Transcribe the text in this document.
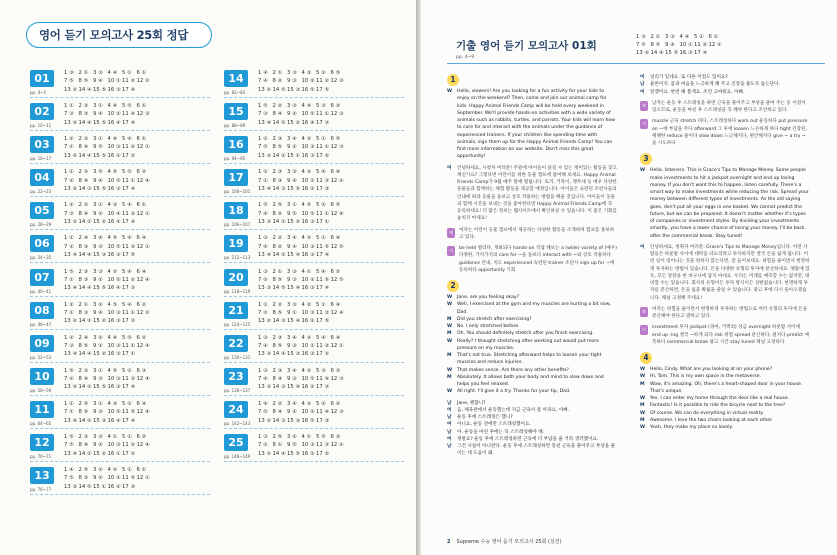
영어 듣기 모의고사 25회 정답
01
pp. 4~5
1 ③ 2 ① 3 ③ 4 ④ 5 ① 6 ①
7 ⑤ 8 ⑤ 9 ④ 10 ① 11 ② 12 ②
13 ② 14 ④ 15 ⑤ 16 ③ 17 ④
02
pp. 10~11
1 ① 2 ③ 3 ① 4 ④ 5 ⑤ 6 ①
7 ③ 8 ③ 9 ④ 10 ② 11 ④ 12 ③
13 ② 14 ④ 15 ⑤ 16 ④ 17 ④
03
pp. 16~17
1 ② 2 ③ 3 ① 4 ④ 5 ④ 6 ①
7 ① 8 ④ 9 ⑤ 10 ③ 11 ② 12 ①
13 ② 14 ④ 15 ⑤ 16 ② 17 ②
04
pp. 22~23
1 ① 2 ③ 3 ⑤ 4 ⑤ 5 ⑤ 6 ②
7 ② 8 ④ 9 ④ 10 ⑤ 11 ① 12 ④
13 ② 14 ③ 15 ⑤ 16 ③ 17 ④
05
pp. 28~29
1 ② 2 ② 3 ① 4 ③ 5 ④ 6 ①
7 ③ 8 ④ 9 ② 10 ④ 11 ③ 12 ①
13 ② 14 ② 15 ② 16 ④ 17 ④
06
pp. 34~35
1 ① 2 ④ 3 ④ 4 ⑤ 5 ④ 6 ④
7 ② 8 ③ 9 ③ 10 ⑤ 11 ③ 12 ①
13 ④ 14 ④ 15 ③ 16 ③ 17 ⑤
07
pp. 40~41
1 ⑤ 2 ③ 3 ③ 4 ② 5 ④ 6 ④
7 ① 8 ③ 9 ② 10 ⑤ 11 ② 12 ④
13 ④ 14 ④ 15 ⑤ 16 ④ 17 ③
08
pp. 46~47
1 ② 2 ① 3 ② 4 ⑤ 5 ④ 6 ②
7 ① 8 ③ 9 ④ 10 ③ 11 ① 12 ②
13 ② 14 ② 15 ② 16 ③ 17 ③
09
pp. 52~53
1 ② 2 ④ 3 ② 4 ④ 5 ⑤ 6 ②
7 ③ 8 ⑤ 9 ② 10 ③ 11 ① 12 ④
13 ④ 14 ④ 15 ② 16 ③ 17 ①
10
pp. 58~59
1 ⑤ 2 ③ 3 ① 4 ⑤ 5 ② 6 ③
7 ② 8 ④ 9 ③ 10 ③ 11 ③ 12 ④
13 ② 14 ② 15 ⑤ 16 ③ 17 ④
11
pp. 64~65
1 ① 2 ⑤ 3 ① 4 ③ 5 ② 6 ④
7 ① 8 ⑤ 9 ③ 10 ⑤ 11 ⑤ 12 ④
13 ④ 14 ② 15 ③ 16 ④ 17 ④
12
pp. 70~71
1 ⑤ 2 ③ 3 ③ 4 ① 5 ① 6 ②
7 ⑤ 8 ④ 9 ② 10 ③ 11 ② 12 ④
13 ④ 14 ② 15 ② 16 ① 17 ②
13
pp. 76~77
1 ④ 2 ⑤ 3 ② 4 ② 5 ① 6 ①
7 ⑤ 8 ③ 9 ② 10 ② 11 ⑤ 12 ①
13 ③ 14 ⑤ 15 ① 16 ② 17 ③
14
pp. 82~83
1 ④ 2 ① 3 ③ 4 ③ 5 ② 6 ⑤
7 ④ 8 ② 9 ③ 10 ② 11 ② 12 ③
13 ② 14 ⑤ 15 ③ 16 ⑤ 17 ⑤
15
pp. 88~89
1 ⑤ 2 ② 3 ③ 4 ④ 5 ③ 6 ③
7 ③ 8 ④ 9 ② 10 ⑤ 11 ① 12 ③
13 ④ 14 ⑤ 15 ② 16 ④ 17 ③
16
pp. 94~95
1 ② 2 ③ 3 ④ 4 ③ 5 ① 6 ⑤
7 ⑤ 8 ⑤ 9 ② 10 ③ 11 ① 12 ③
13 ③ 14 ② 15 ① 16 ③ 17 ②
17
pp. 100~101
1 ② 2 ③ 3 ③ 4 ③ 5 ④ 6 ④
7 ① 8 ③ 9 ④ 10 ① 11 ③ 12 ②
13 ④ 14 ③ 15 ⑤ 16 ② 17 ③
18
pp. 106~107
1 ⑤ 2 ⑤ 3 ① 4 ⑤ 5 ② 6 ⑤
7 ④ 8 ② 9 ⑤ 10 ⑤ 11 ① 12 ④
13 ③ 14 ① 15 ② 16 ③ 17 ①
19
pp. 112~113
1 ③ 2 ② 3 ④ 4 ② 5 ① 6 ④
7 ④ 8 ② 9 ④ 10 ③ 11 ⑤ 12 ⑤
13 ④ 14 ② 15 ④ 16 ③ 17 ④
20
pp. 118~119
1 ③ 2 ① 3 ③ 4 ① 5 ④ 6 ②
7 ② 8 ⑤ 9 ③ 10 ② 11 ⑤ 12 ⑤
13 ③ 14 ⑤ 15 ④ 16 ③ 17 ④
21
pp. 124~125
1 ① 2 ② 3 ③ 4 ② 5 ① 6 ④
7 ② 8 ⑤ 9 ① 10 ③ 11 ③ 12 ④
13 ② 14 ③ 15 ④ 16 ② 17 ⑤
22
pp. 130~131
1 ③ 2 ③ 3 ④ 4 ③ 5 ④ 6 ④
7 ④ 8 ⑤ 9 ③ 10 ① 11 ③ 12 ①
13 ③ 14 ④ 15 ③ 16 ③ 17 ②
23
pp. 136~137
1 ③ 2 ③ 3 ④ 4 ② 5 ③ 6 ③
7 ④ 8 ④ 9 ③ 10 ⑤ 11 ④ 12 ③
13 ③ 14 ③ 15 ④ 16 ② 17 ③
24
pp. 142~143
1 ④ 2 ② 3 ④ 4 ③ 5 ② 6 ②
7 ⑤ 8 ④ 9 ② 10 ② 11 ④ 12 ③
13 ② 14 ③ 15 ③ 16 ⑤ 17 ③
25
pp. 148~149
1 ③ 2 ⑤ 3 ② 4 ① 5 ⑤ 6 ③
7 ② 8 ① 9 ⑤ 10 ③ 11 ③ 12 ②
13 ② 14 ④ 15 ⑤ 16 ② 17 ②
기출 영어 듣기 모의고사 01회
pp. 4~9
1 ③ 2 ① 3 ③ 4 ④ 5 ① 6 ①
7 ⑤ 8 ⑤ 9 ④ 10 ① 11 ② 12 ②
13 ② 14 ④ 15 ⑤ 16 ③ 17 ④
1
W Hello, viewers! Are you looking for a fun activity for your kids to enjoy on the weekend? Then, come and join our animal camp for kids. Happy Animal Friends Camp will be held every weekend in September. We'll provide hands-on activities with a wide variety of animals such as rabbits, turtles, and parrots. Your kids will learn how to care for and interact with the animals under the guidance of experienced trainers. If your children like spending time with animals, sign them up for the Happy Animal Friends Camp! You can find more information on our website. Don't miss this great opportunity!
여 안녕하세요, 시청자 여러분! 주말에 아이들이 즐길 수 있는 재미있는 활동을 찾고 계신가요? 그렇다면 어린이를 위한 동물 캠프에 참여해 보세요. Happy Animal Friends Camp가 9월 매주 말에 열립니다. 토끼, 거북이, 앵무새 등 매우 다양한 동물들과 함께하는 체험 활동을 제공할 예정입니다. 아이들은 숙련된 조련사들의 안내에 따라 동물을 돌보고 상호 작용하는 방법을 배울 것입니다. 아이들이 동물과 함께 시간을 보내는 것을 좋아한다면 Happy Animal Friends Camp에 꼭 등록하세요! 더 많은 정보는 웹사이트에서 확인하실 수 있습니다. 이 좋은 기회를 놓치지 마세요!
해	여자는 어린이 동물 캠프에서 제공하는 다양한 활동을 소개하며 캠프를 홍보하고 있다.
어	be held 열리다, 개최되다 hands-on 직접 해보는 a (wide) variety of (매우) 다양한, 가지가지의 care for ~을 돌보다 interact with ~와 상호 작용하다 guidance 안내, 지도 experienced 숙련된 trainer 조련사 sign up for ~에 등록하다 opportunity 기회
2
W Jane, are you feeling okay?
W Well, I exercised at the gym and my muscles are hurting a bit now, Dad.
M Did you stretch after exercising?
W No. I only stretched before.
M Oh. You should definitely stretch after you finish exercising.
W Really? I thought stretching after working out would put more pressure on my muscles.
M That's not true. Stretching afterward helps to loosen your tight muscles and reduce injuries.
W That makes sense. Are there any other benefits?
M Absolutely. It allows both your body and mind to slow down and helps you feel relaxed.
W All right. I'll give it a try. Thanks for your tip, Dad.
남 Jane, 괜찮니?
여 음, 체육관에서 운동했는데 지금 근육이 좀 아파요, 아빠.
남 운동 후에 스트레칭은 했니?
여 아니요, 운동 전에만 스트레칭했어요.
남 아. 운동을 마친 후에는 꼭 스트레칭해야 해.
여 정말요? 운동 후에 스트레칭하면 근육에 더 부담을 줄 거라 생각했어요.
남 그건 사실이 아니란다. 운동 후에 스트레칭하면 뭉친 근육을 풀어주고 부상을 줄이는 데 도움이 돼.
여 일리가 있네요. 또 다른 이점도 있어요?
남 물론이지. 몸과 마음을 느긋하게 해 주고 긴장을 풀도록 돕는단다.
여 알겠어요. 한번 해 볼게요. 조언 고마워요, 아빠.
해	남자는 운동 후 스트레칭을 하면 근육을 풀어주고 부상을 줄여 주는 등 이점이 있으므로, 운동을 마친 후 스트레칭을 꼭 해야 한다고 조언하고 있다.
어	muscle 근육 stretch 펴다, 스트레칭하다 work out 운동하다 put pressure on ~에 부담을 주다 afterward 그 후에 loosen 느슨하게 하다 tight 긴장된, 팽팽한 reduce 줄이다 slow down 느긋해지다, 편안해지다 give ~ a try ~을 시도하다
3
W Hello, listeners. This is Grace's Tips to Manage Money. Some people make investments to hit a jackpot overnight and end up losing money. If you don't want this to happen, listen carefully. There's a smart way to make investments while reducing the risk. Spread your money between different types of investments. As the old saying goes, don't put all your eggs in one basket. We cannot predict the future, but we can be prepared. It doesn't matter whether it's types of companies or investment styles. By dividing your investments smartly, you have a lower chance of losing your money. I'll be back after the commercial break. Stay tuned!
여 안녕하세요, 청취자 여러분. Grace's Tips to Manage Money입니다. 어떤 사람들은 하룻밤 사이에 대박을 터뜨리려고 투자하지만 결국 돈을 잃게 됩니다. 이런 일이 일어나는 것을 원하지 않는다면, 잘 들어보세요. 위험을 줄이면서 현명하게 투자하는 방법이 있습니다. 돈을 다양한 유형의 투자에 분산하세요. 옛말에 있듯, 모든 달걀을 한 바구니에 담지 마세요. 우리는 미래를 예측할 수는 없지만, 대비할 수는 있습니다. 회사의 유형이든 투자 방식이든 상관없습니다. 현명하게 투자를 분산하면, 돈을 잃을 확률을 줄일 수 있습니다. 광고 후에 다시 돌아오겠습니다. 채널 고정해 주세요!
해	여자는 위험을 줄이면서 현명하게 투자하는 방법으로 여러 유형의 투자에 돈을 분산해야 한다고 말하고 있다.
어	investment 투자 jackpot (경마, 거액의) 상금 overnight 하룻밤 사이에 end up -ing 결국 ~하게 되다 risk 위험 spread 분산하다, 펼치다 predict 예측하다 commercial break 광고 시간 stay tuned 채널 고정하다
4
W Hello, Cindy. What are you looking at on your phone?
W Hi, Tom. This is my own space in the metaverse.
M Wow, it's amazing. Oh, there's a heart-shaped door in your house. That's unique.
W Yes. I can enter my home through the door like a real house.
M Fantastic! Is it possible to ride the bicycle next to the tree?
W Of course. We can do everything in virtual reality.
M Awesome. I love the two chairs looking at each other.
W Yeah, they make my place so lovely.
2 Supreme 수능 영어 듣기 모의고사 25회 (실전)
